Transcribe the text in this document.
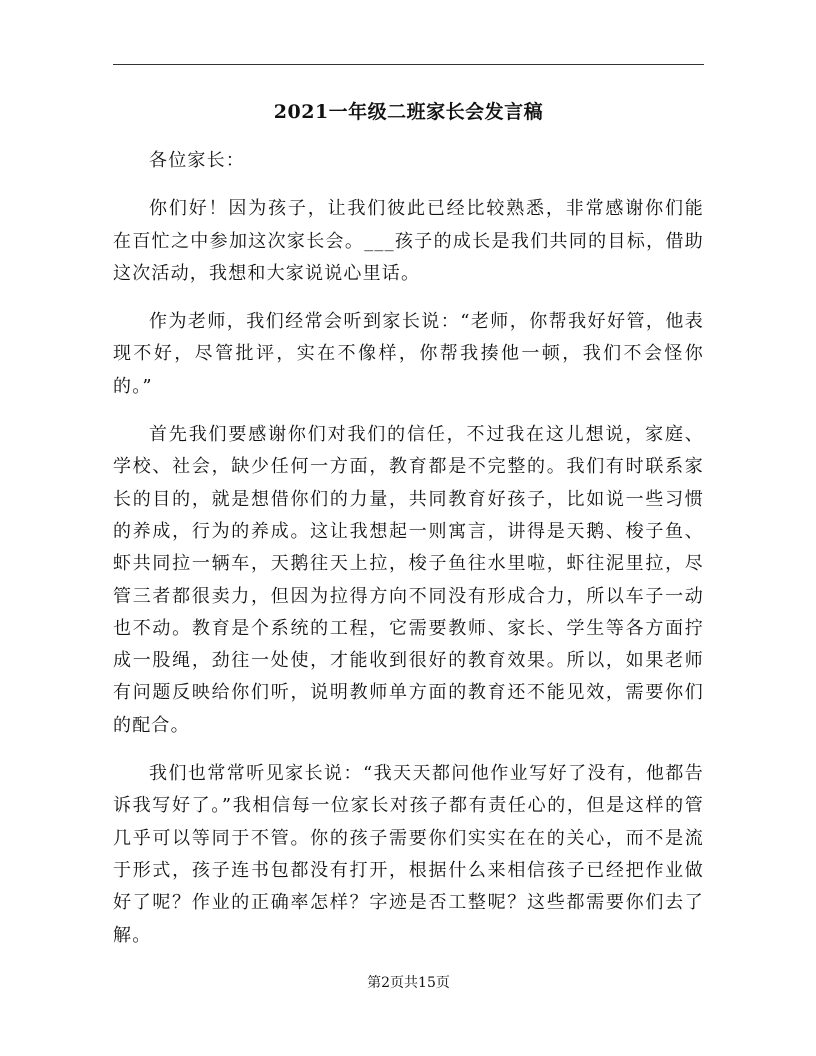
2021一年级二班家长会发言稿

各位家长：

你们好！因为孩子，让我们彼此已经比较熟悉，非常感谢你们能在百忙之中参加这次家长会。___孩子的成长是我们共同的目标，借助这次活动，我想和大家说说心里话。

作为老师，我们经常会听到家长说：“老师，你帮我好好管，他表现不好，尽管批评，实在不像样，你帮我揍他一顿，我们不会怪你的。”

首先我们要感谢你们对我们的信任，不过我在这儿想说，家庭、学校、社会，缺少任何一方面，教育都是不完整的。我们有时联系家长的目的，就是想借你们的力量，共同教育好孩子，比如说一些习惯的养成，行为的养成。这让我想起一则寓言，讲得是天鹅、梭子鱼、虾共同拉一辆车，天鹅往天上拉，梭子鱼往水里啦，虾往泥里拉，尽管三者都很卖力，但因为拉得方向不同没有形成合力，所以车子一动也不动。教育是个系统的工程，它需要教师、家长、学生等各方面拧成一股绳，劲往一处使，才能收到很好的教育效果。所以，如果老师有问题反映给你们听，说明教师单方面的教育还不能见效，需要你们的配合。

我们也常常听见家长说：“我天天都问他作业写好了没有，他都告诉我写好了。”我相信每一位家长对孩子都有责任心的，但是这样的管几乎可以等同于不管。你的孩子需要你们实实在在的关心，而不是流于形式，孩子连书包都没有打开，根据什么来相信孩子已经把作业做好了呢？作业的正确率怎样？字迹是否工整呢？这些都需要你们去了解。

第2页共15页
